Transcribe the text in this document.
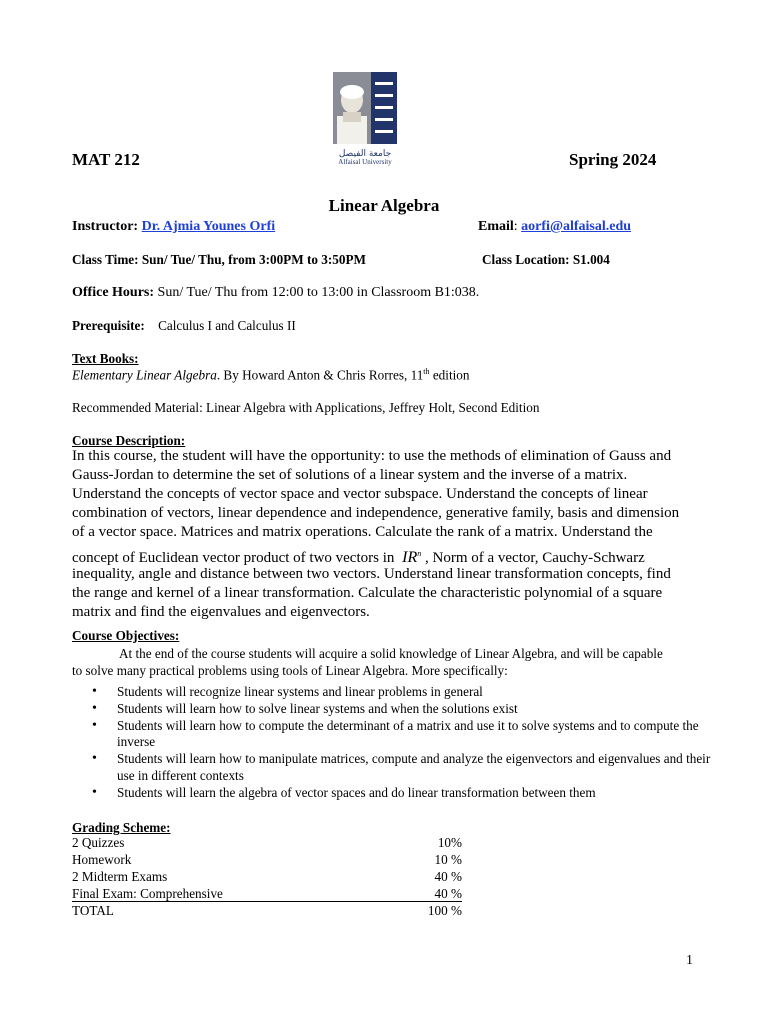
جامعة الفيصل
Alfaisal University
MAT 212	Spring 2024
Linear Algebra
Instructor: Dr. Ajmia Younes Orfi	Email: aorfi@alfaisal.edu
Class Time: Sun/ Tue/ Thu, from 3:00PM to 3:50PM	Class Location: S1.004
Office Hours: Sun/ Tue/ Thu from 12:00 to 13:00 in Classroom B1:038.
Prerequisite: Calculus I and Calculus II
Text Books:
Elementary Linear Algebra. By Howard Anton & Chris Rorres, 11th edition
Recommended Material: Linear Algebra with Applications, Jeffrey Holt, Second Edition
Course Description:
In this course, the student will have the opportunity: to use the methods of elimination of Gauss and
Gauss-Jordan to determine the set of solutions of a linear system and the inverse of a matrix.
Understand the concepts of vector space and vector subspace. Understand the concepts of linear
combination of vectors, linear dependence and independence, generative family, basis and dimension
of a vector space. Matrices and matrix operations. Calculate the rank of a matrix. Understand the
concept of Euclidean vector product of two vectors in $IR^n$ , Norm of a vector, Cauchy-Schwarz
inequality, angle and distance between two vectors. Understand linear transformation concepts, find
the range and kernel of a linear transformation. Calculate the characteristic polynomial of a square
matrix and find the eigenvalues and eigenvectors.
Course Objectives:
At the end of the course students will acquire a solid knowledge of Linear Algebra, and will be capable
to solve many practical problems using tools of Linear Algebra. More specifically:
• Students will recognize linear systems and linear problems in general
• Students will learn how to solve linear systems and when the solutions exist
• Students will learn how to compute the determinant of a matrix and use it to solve systems and to compute the inverse
• Students will learn how to manipulate matrices, compute and analyze the eigenvectors and eigenvalues and their use in different contexts
• Students will learn the algebra of vector spaces and do linear transformation between them
Grading Scheme:
2 Quizzes	10%
Homework	10 %
2 Midterm Exams	40 %
Final Exam: Comprehensive	40 %
TOTAL	100 %
1
